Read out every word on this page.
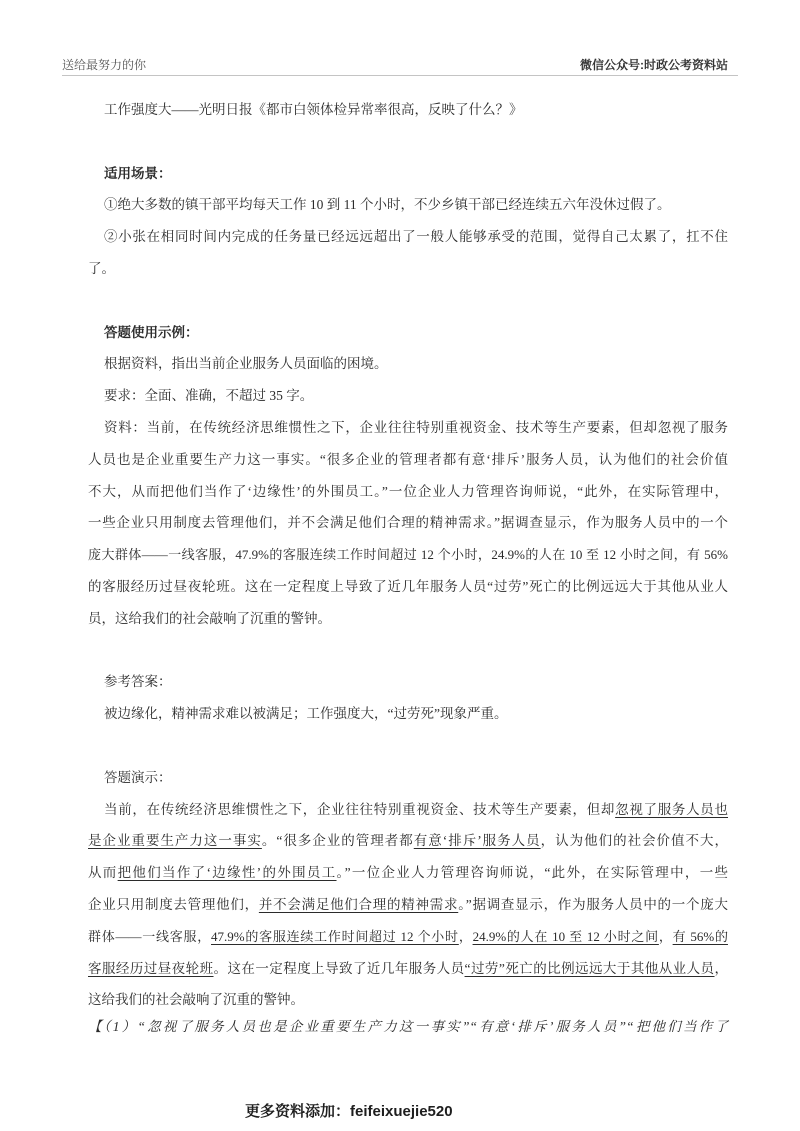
送给最努力的你	微信公众号:时政公考资料站
工作强度大——光明日报《都市白领体检异常率很高，反映了什么？》
适用场景：
①绝大多数的镇干部平均每天工作 10 到 11 个小时，不少乡镇干部已经连续五六年没休过假了。
②小张在相同时间内完成的任务量已经远远超出了一般人能够承受的范围，觉得自己太累了，扛不住
了。
答题使用示例：
根据资料，指出当前企业服务人员面临的困境。
要求：全面、准确，不超过 35 字。
资料：当前，在传统经济思维惯性之下，企业往往特别重视资金、技术等生产要素，但却忽视了服务
人员也是企业重要生产力这一事实。“很多企业的管理者都有意‘排斥’服务人员，认为他们的社会价值
不大，从而把他们当作了‘边缘性’的外围员工。”一位企业人力管理咨询师说，“此外，在实际管理中，
一些企业只用制度去管理他们，并不会满足他们合理的精神需求。”据调查显示，作为服务人员中的一个
庞大群体——一线客服，47.9%的客服连续工作时间超过 12 个小时，24.9%的人在 10 至 12 小时之间，有 56%
的客服经历过昼夜轮班。这在一定程度上导致了近几年服务人员“过劳”死亡的比例远远大于其他从业人
员，这给我们的社会敲响了沉重的警钟。
参考答案：
被边缘化，精神需求难以被满足；工作强度大，“过劳死”现象严重。
答题演示：
当前，在传统经济思维惯性之下，企业往往特别重视资金、技术等生产要素，但却忽视了服务人员也
是企业重要生产力这一事实。“很多企业的管理者都有意‘排斥’服务人员，认为他们的社会价值不大，
从而把他们当作了‘边缘性’的外围员工。”一位企业人力管理咨询师说，“此外，在实际管理中，一些
企业只用制度去管理他们，并不会满足他们合理的精神需求。”据调查显示，作为服务人员中的一个庞大
群体——一线客服，47.9%的客服连续工作时间超过 12 个小时，24.9%的人在 10 至 12 小时之间，有 56%的
客服经历过昼夜轮班。这在一定程度上导致了近几年服务人员“过劳”死亡的比例远远大于其他从业人员，
这给我们的社会敲响了沉重的警钟。
【（1）“忽视了服务人员也是企业重要生产力这一事实”“有意‘排斥’服务人员”“把他们当作了
更多资料添加：feifeixuejie520
